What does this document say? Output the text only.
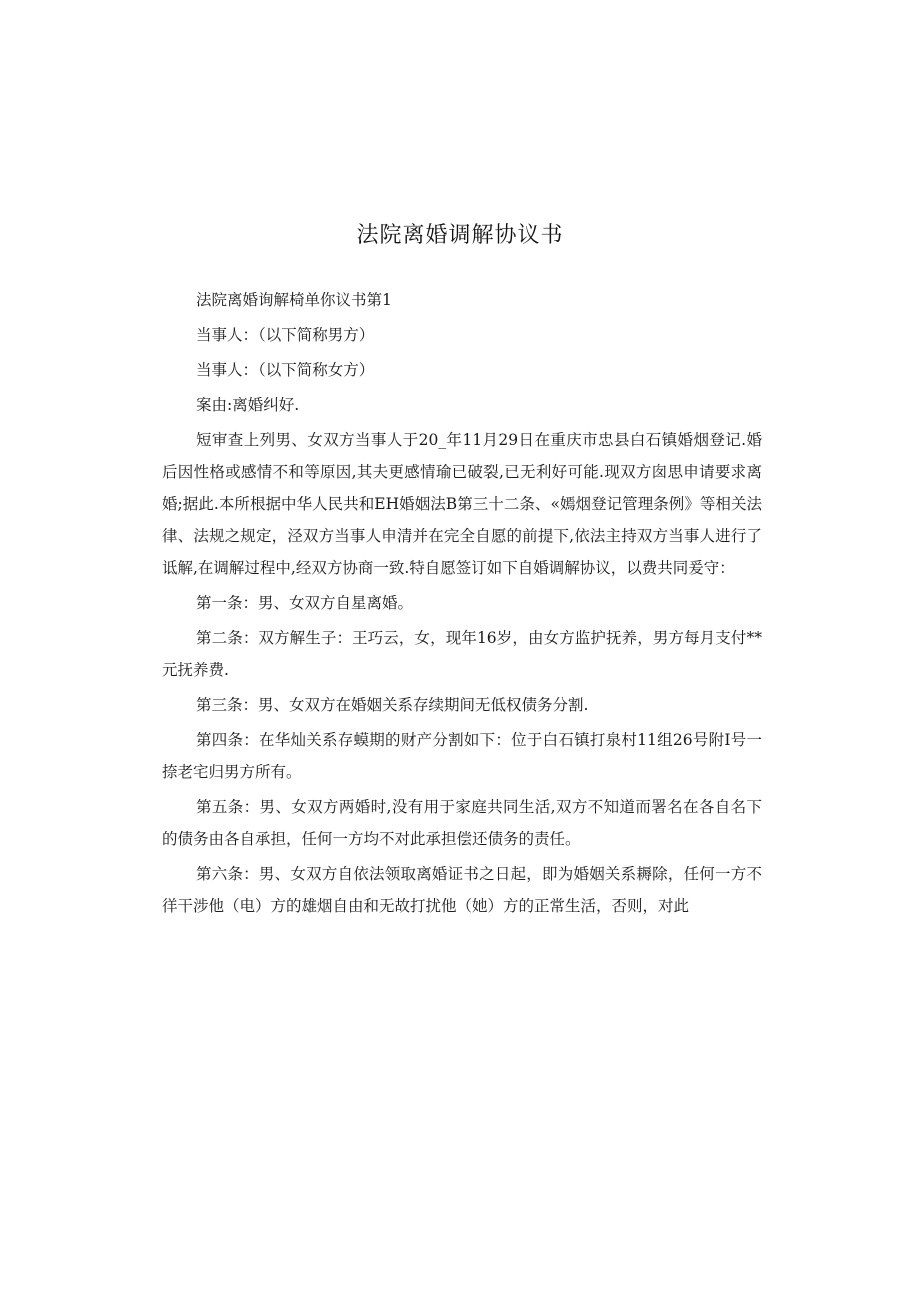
法院离婚调解协议书

法院离婚询解椅单你议书第1

当事人：（以下简称男方）

当事人：（以下简称女方）

案由:离婚纠好.

短审查上列男、女双方当事人于20_年11月29日在重庆市忠县白石镇婚烟登记.婚后因性格或感情不和等原因,其夫更感情瑜已破裂,已无利好可能.现双方囱思申请要求离婚;据此.本所根据中华人民共和EH婚姻法B第三十二条、«嫣烟登记管理条例》等相关法律、法规之规定，泾双方当事人申清并在完全自愿的前提下,依法主持双方当事人进行了诋解,在调解过程中,经双方协商一致.特自愿签订如下自婚调解协议，以费共同爰守：

第一条：男、女双方自星离婚。

第二条：双方解生子：王巧云，女，现年16岁，由女方监护抚养，男方每月支付**元抚养费.

第三条：男、女双方在婚姻关系存续期间无低权债务分割.

第四条：在华灿关系存蟆期的财产分割如下：位于白石镇打泉村11组26号附I号一捺老宅归男方所有。

第五条：男、女双方两婚时,没有用于家庭共同生活,双方不知道而署名在各自名下的债务由各自承担，任何一方均不对此承担偿还债务的责任。

第六条：男、女双方自依法领取离婚证书之日起，即为婚姻关系耨除，任何一方不徉干涉他（电）方的雄烟自由和无故打扰他（她）方的正常生活，否则，对此
